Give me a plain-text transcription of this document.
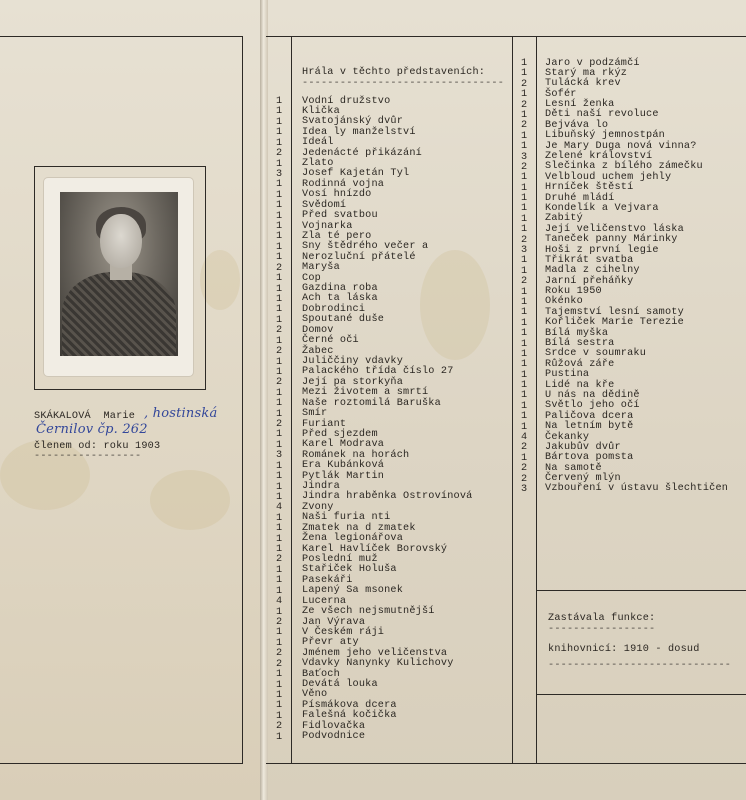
SKÁKALOVÁ  Marie , hostinská
Černilov čp. 262
členem od: roku 1903
-----------------
Hrála v těchto představeních:
--------------------------------
1	Vodní družstvo
1	Klička
1	Svatojánský dvůr
1	Idea ly manželství
1	Ideál
2	Jedenácté přikázání
1	Zlato
3	Josef Kajetán Tyl
1	Rodinná vojna
1	Vosí hnízdo
1	Svědomí
1	Před svatbou
1	Vojnarka
1	Zla té pero
1	Sny štědrého večer a
1	Nerozluční přátelé
2	Maryša
1	Cop
1	Gazdina roba
1	Ach ta láska
1	Dobrodinci
1	Spoutané duše
2	Domov
1	Černé oči
2	Žabec
1	Juliččiny vdavky
1	Palackého třída číslo 27
2	Její pa storkyňa
1	Mezi životem a smrtí
1	Naše roztomilá Baruška
1	Smír
2	Furiant
1	Před sjezdem
1	Karel Modrava
3	Románek na horách
1	Era Kubánková
1	Pytlák Martin
1	Jindra
1	Jindra hraběnka Ostrovínová
4	Zvony
1	Naši furia nti
1	Zmatek na d zmatek
1	Žena legionářova
1	Karel Havlíček Borovský
2	Poslední muž
1	Stařiček Holuša
1	Pasekáři
1	Lapený Sa msonek
4	Lucerna
1	Ze všech nejsmutnější
2	Jan Výrava
1	V Českém ráji
1	Převr aty
2	Jménem jeho veličenstva
2	Vdavky Nanynky Kulichovy
1	Baťoch
1	Devátá louka
1	Věno
1	Písmákova dcera
1	Falešná kočička
2	Fidlovačka
1	Podvodnice
1	Jaro v podzámčí
1	Starý ma rkýz
2	Tulácká krev
1	Šofér
2	Lesní ženka
1	Děti naší revoluce
2	Bejvávа lo
1	Libuňský jemnostpán
1	Je Mary Duga nová vinna?
3	Zelené království
2	Slečinka z bílého zámečku
1	Velbloud uchem jehly
1	Hrníček štěstí
1	Druhé mládí
1	Kondelík a Vejvara
1	Zabitý
1	Její veličenstvo láska
2	Taneček panny Márinky
3	Hoši z první legie
1	Třikrát svatba
1	Madla z cihelny
2	Jarní přeháňky
1	Roku 1950
1	Okénko
1	Tajemství lesní samoty
1	Kořliček Marie Terezie
1	Bílá myška
1	Bílá sestra
1	Srdce v soumraku
1	Růžová záře
1	Pustina
1	Lidé na kře
1	U nás na dědině
1	Světlo jeho očí
1	Paličova dcera
1	Na letním bytě
4	Čekanky
2	Jakubův dvůr
1	Bártova pomsta
2	Na samotě
2	Červený mlýn
3	Vzbouření v ústavu šlechtičen
Zastávala funkce:
-----------------
knihovnicí: 1910 - dosud
-----------------------------
